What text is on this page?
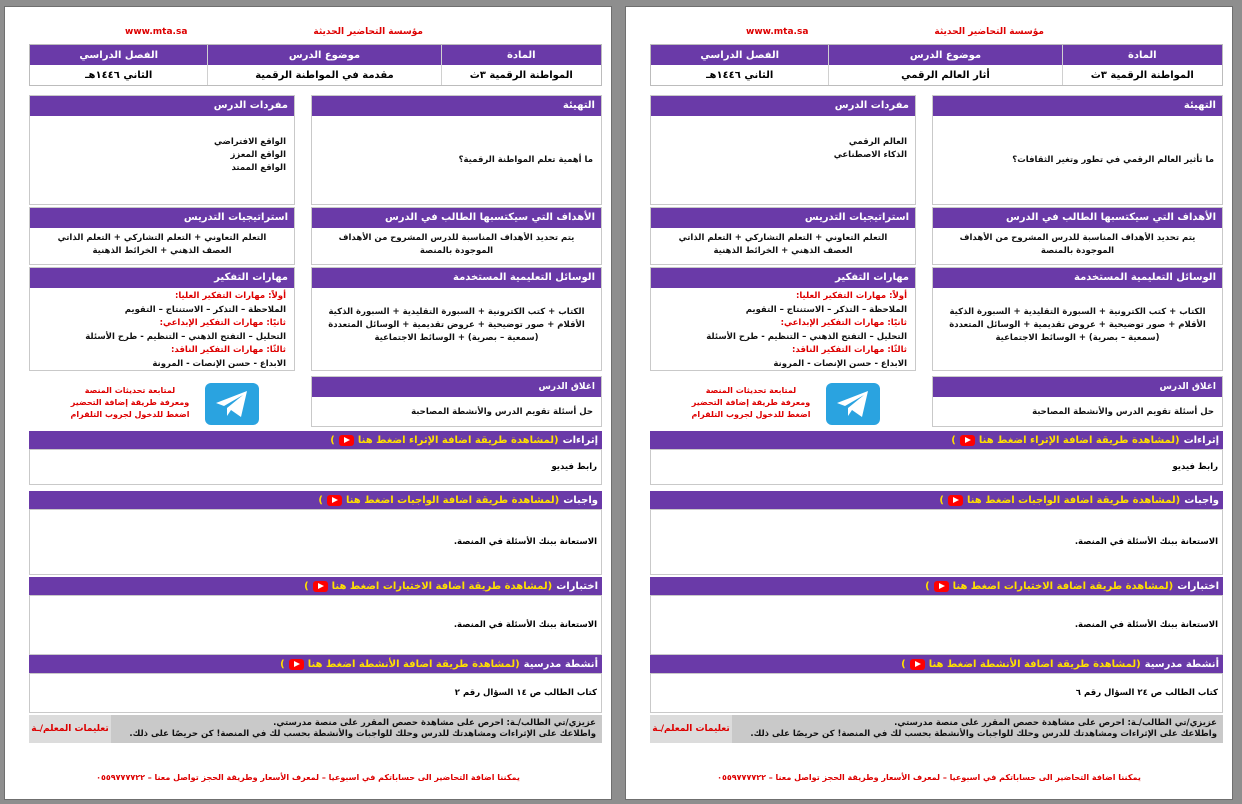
www.mta.sa	مؤسسة التحاضير الحديثة
المادة
موضوع الدرس
الفصل الدراسي
المواطنة الرقمية ٣ث
مقدمة في المواطنة الرقمية
الثاني ١٤٤٦هـ
التهيئة
ما أهمية تعلم المواطنة الرقمية؟
مفردات الدرس
الواقع الافتراضي
الواقع المعزز
الواقع الممتد
الأهداف التي سيكتسبها الطالب في الدرس
يتم تحديد الأهداف المناسبة للدرس المشروح من الأهداف الموجودة بالمنصة
استراتيجيات التدريس
التعلم التعاوني + التعلم التشاركي + التعلم الذاتي
العصف الذهني + الخرائط الذهنية
الوسائل التعليمية المستخدمة
الكتاب + كتب الكترونية + السبورة التقليدية + السبورة الذكية
الأقلام + صور توضيحية + عروض تقديمية + الوسائل المتعددة
(سمعية – بصرية) + الوسائط الاجتماعية
مهارات التفكير
أولاً: مهارات التفكير العليا:
الملاحظة – التذكر – الاستنتاج – التقويم
ثانيًا: مهارات التفكير الإبداعي:
التحليل – التفتح الذهني – التنظيم - طرح الأسئلة
ثالثًا: مهارات التفكير الناقد:
الابداع - حسن الإنصات - المرونة
اغلاق الدرس
حل أسئلة تقويم الدرس والأنشطة المصاحبة
لمتابعة تحديثات المنصة
ومعرفة طريقة إضافة التحضير
اضغط للدخول لجروب التلقرام
إثراءات
(لمشاهدة طريقة اضافة الإثراء اضغط هنا
)
رابط فيديو
واجبات
(لمشاهدة طريقة اضافة الواجبات اضغط هنا
)
الاستعانة ببنك الأسئلة في المنصة.
اختبارات
(لمشاهدة طريقة اضافة الاختبارات اضغط هنا
)
الاستعانة ببنك الأسئلة في المنصة.
أنشطة مدرسية
(لمشاهدة طريقة اضافة الأنشطة اضغط هنا
)
كتاب الطالب ص ١٤ السؤال رقم ٢
تعليمات المعلم/ـة
عزيزي/تي الطالب/ـة: احرص على مشاهدة حصص المقرر على منصة مدرستي.
واطلاعك على الإثراءات ومشاهدتك للدرس وحلك للواجبات والأنشطة بحسب لك في المنصة! كن حريصًا على ذلك.
يمكننا اضافة التحاضير الى حساباتكم في اسبوعيا – لمعرف الأسعار وطريقة الحجز تواصل معنا – ٠٥٥٩٧٧٧٧٢٢
www.mta.sa	مؤسسة التحاضير الحديثة
المادة
موضوع الدرس
الفصل الدراسي
المواطنة الرقمية ٣ث
أثار العالم الرقمي
الثاني ١٤٤٦هـ
التهيئة
ما تأثير العالم الرقمي في تطور وتغير الثقافات؟
مفردات الدرس
العالم الرقمي
الذكاء الاصطناعي
الأهداف التي سيكتسبها الطالب في الدرس
يتم تحديد الأهداف المناسبة للدرس المشروح من الأهداف الموجودة بالمنصة
استراتيجيات التدريس
التعلم التعاوني + التعلم التشاركي + التعلم الذاتي
العصف الذهني + الخرائط الذهنية
الوسائل التعليمية المستخدمة
الكتاب + كتب الكترونية + السبورة التقليدية + السبورة الذكية
الأقلام + صور توضيحية + عروض تقديمية + الوسائل المتعددة
(سمعية – بصرية) + الوسائط الاجتماعية
مهارات التفكير
أولاً: مهارات التفكير العليا:
الملاحظة – التذكر – الاستنتاج – التقويم
ثانيًا: مهارات التفكير الإبداعي:
التحليل – التفتح الذهني – التنظيم - طرح الأسئلة
ثالثًا: مهارات التفكير الناقد:
الابداع - حسن الإنصات - المرونة
اغلاق الدرس
حل أسئلة تقويم الدرس والأنشطة المصاحبة
لمتابعة تحديثات المنصة
ومعرفة طريقة إضافة التحضير
اضغط للدخول لجروب التلقرام
إثراءات
(لمشاهدة طريقة اضافة الإثراء اضغط هنا
)
رابط فيديو
واجبات
(لمشاهدة طريقة اضافة الواجبات اضغط هنا
)
الاستعانة ببنك الأسئلة في المنصة.
اختبارات
(لمشاهدة طريقة اضافة الاختبارات اضغط هنا
)
الاستعانة ببنك الأسئلة في المنصة.
أنشطة مدرسية
(لمشاهدة طريقة اضافة الأنشطة اضغط هنا
)
كتاب الطالب ص ٢٤ السؤال رقم ٦
تعليمات المعلم/ـة
عزيزي/تي الطالب/ـة: احرص على مشاهدة حصص المقرر على منصة مدرستي.
واطلاعك على الإثراءات ومشاهدتك للدرس وحلك للواجبات والأنشطة بحسب لك في المنصة! كن حريصًا على ذلك.
يمكننا اضافة التحاضير الى حساباتكم في اسبوعيا – لمعرف الأسعار وطريقة الحجز تواصل معنا – ٠٥٥٩٧٧٧٧٢٢
